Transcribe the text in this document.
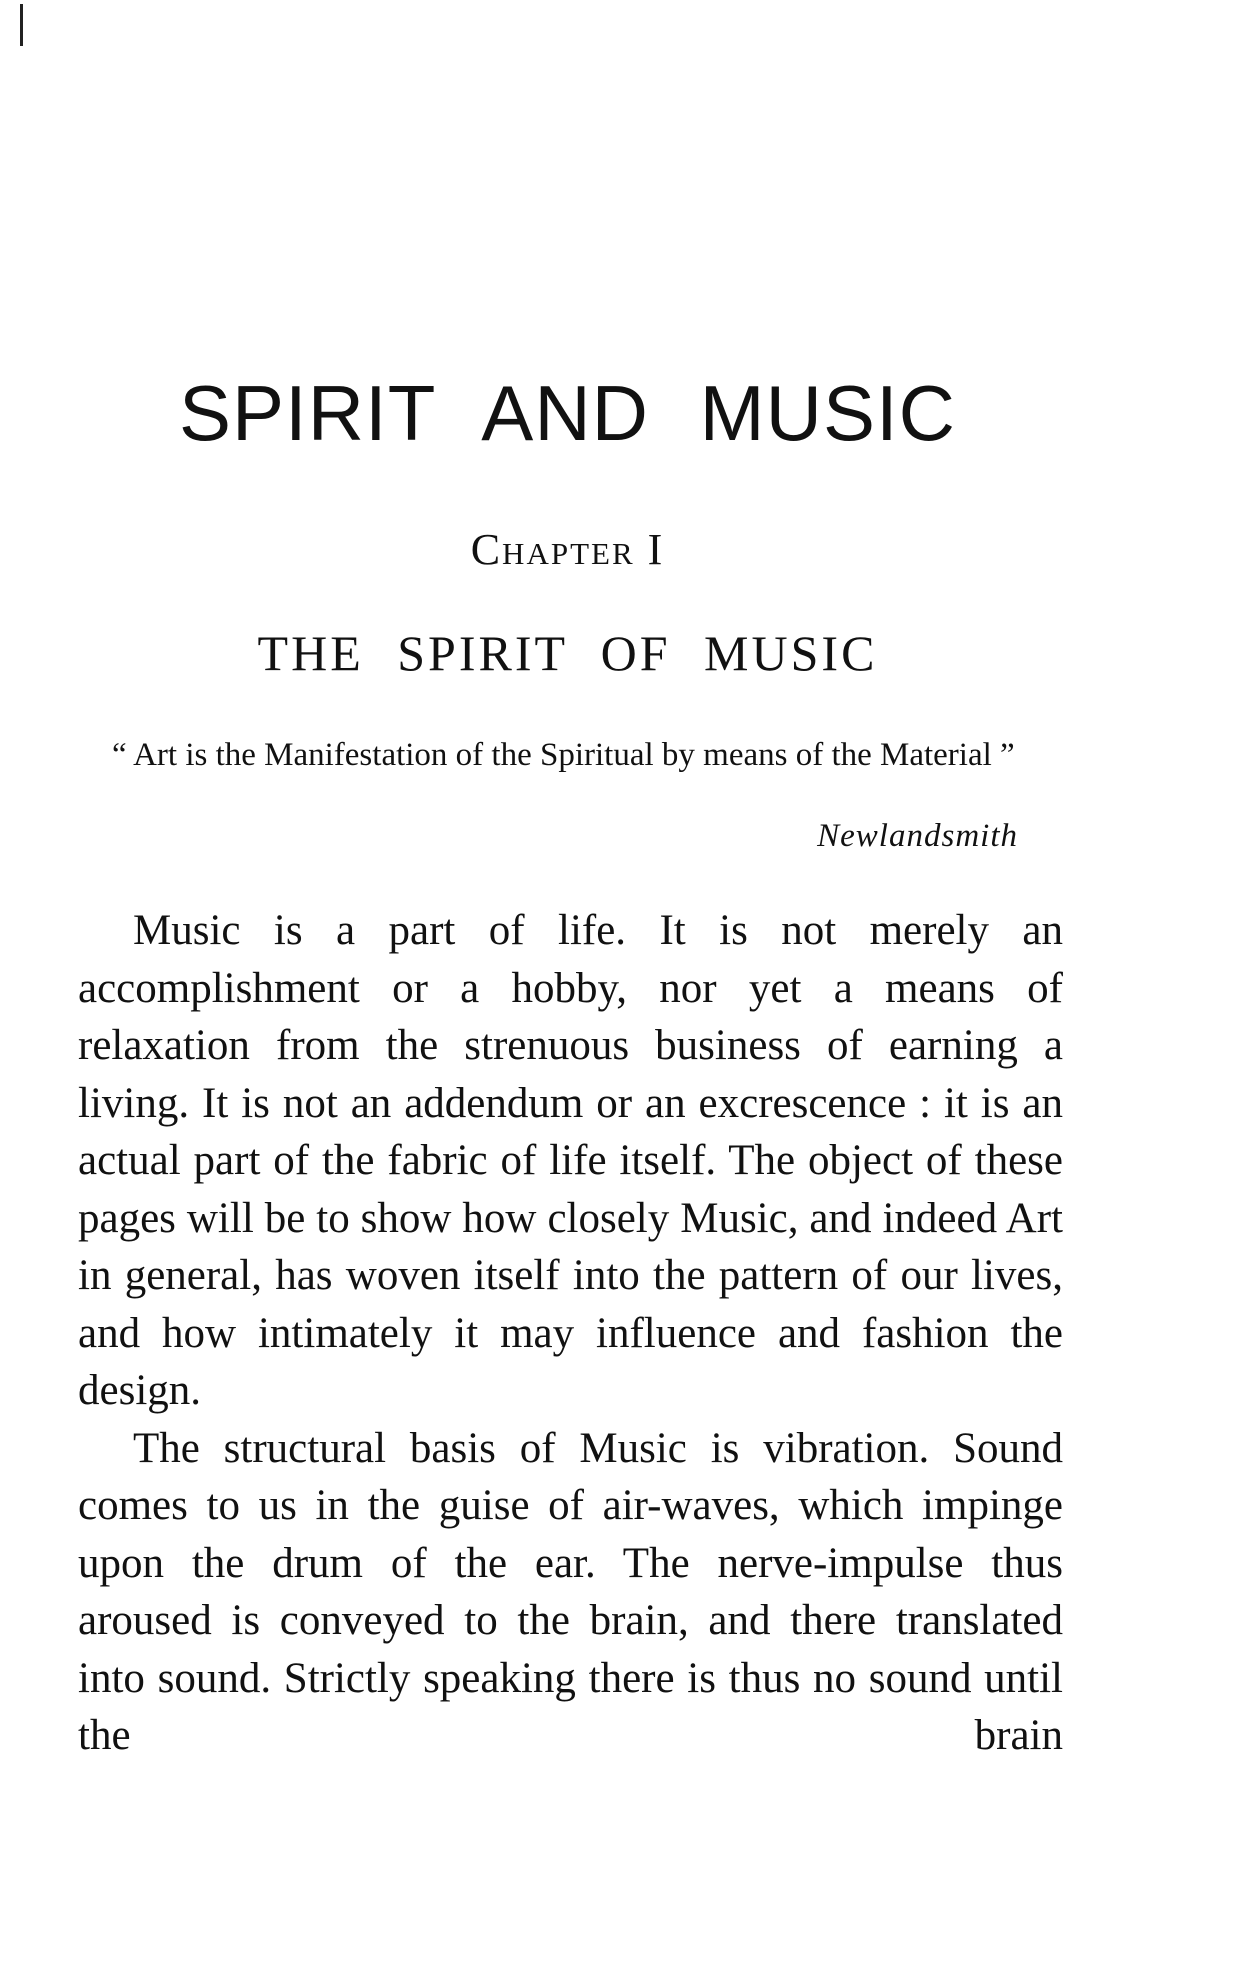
SPIRIT AND MUSIC
Chapter I
THE SPIRIT OF MUSIC
“ Art is the Manifestation of the Spiritual by means of the Material ”
Newlandsmith

Music is a part of life. It is not merely an accomplishment or a hobby, nor yet a means of relaxation from the strenuous business of earning a living. It is not an addendum or an excrescence : it is an actual part of the fabric of life itself. The object of these pages will be to show how closely Music, and indeed Art in general, has woven itself into the pattern of our lives, and how intimately it may influence and fashion the design.

The structural basis of Music is vibration. Sound comes to us in the guise of air-waves, which impinge upon the drum of the ear. The nerve-impulse thus aroused is conveyed to the brain, and there translated into sound. Strictly speaking there is thus no sound until the brain
